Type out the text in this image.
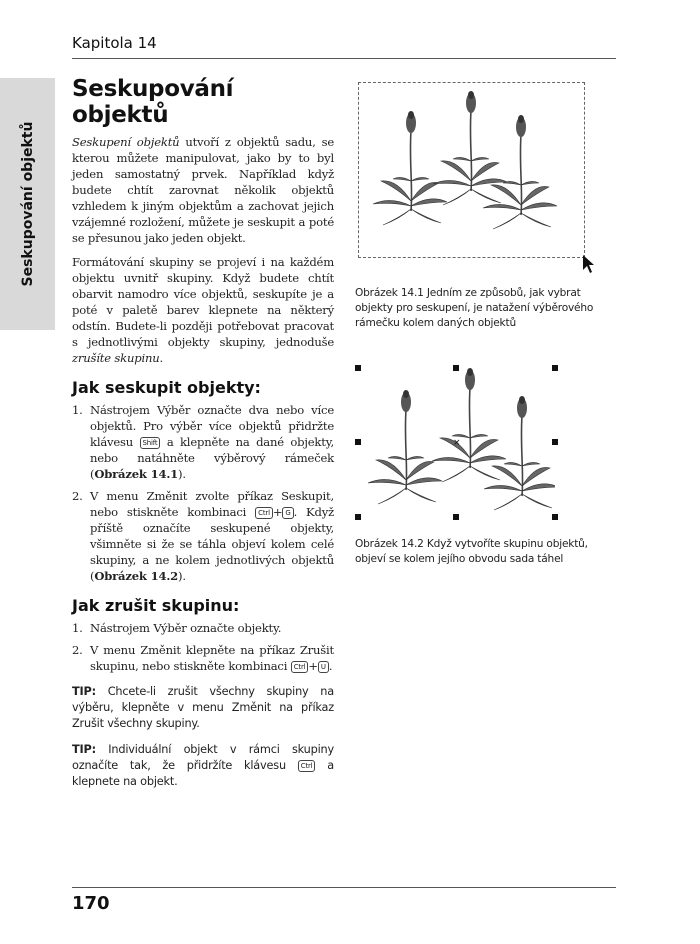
Kapitola 14
Seskupování objektů
Seskupování objektů

Seskupení objektů utvoří z objektů sadu, se kterou můžete manipulovat, jako by to byl jeden samostatný prvek. Například když budete chtít zarovnat několik objektů vzhledem k jiným objektům a zachovat jejich vzájemné rozložení, můžete je seskupit a poté se přesunou jako jeden objekt.

Formátování skupiny se projeví i na každém objektu uvnitř skupiny. Když budete chtít obarvit namodro více objektů, seskupíte je a poté v paletě barev klepnete na některý odstín. Budete-li později potřebovat pracovat s jednotlivými objekty skupiny, jednoduše zrušíte skupinu.

Jak seskupit objekty:
1. Nástrojem Výběr označte dva nebo více objektů. Pro výběr více objektů přidržte klávesu Shift a klepněte na dané objekty, nebo natáhněte výběrový rámeček (Obrázek 14.1).
2. V menu Změnit zvolte příkaz Seskupit, nebo stiskněte kombinaci Ctrl + G . Když příště označíte seskupené objekty, všimněte si že se táhla objeví kolem celé skupiny, a ne kolem jednotlivých objektů (Obrázek 14.2).
Jak zrušit skupinu:
1. Nástrojem Výběr označte objekty.
2. V menu Změnit klepněte na příkaz Zrušit skupinu, nebo stiskněte kombinaci Ctrl + U .

TIP: Chcete-li zrušit všechny skupiny na výběru, klepněte v menu Změnit na příkaz Zrušit všechny skupiny.

TIP: Individuální objekt v rámci skupiny označíte tak, že přidržíte klávesu Ctrl a klepnete na objekt.

Obrázek 14.1 Jedním ze způsobů, jak vybrat objekty pro seskupení, je natažení výběrového rámečku kolem daných objektů
×
Obrázek 14.2 Když vytvoříte skupinu objektů, objeví se kolem jejího obvodu sada táhel
170
